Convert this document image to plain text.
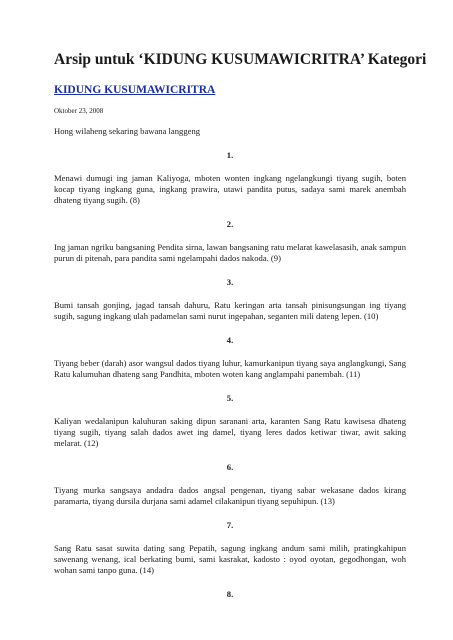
Arsip untuk ‘KIDUNG KUSUMAWICRITRA’ Kategori
KIDUNG KUSUMAWICRITRA
Oktober 23, 2008
Hong wilaheng sekaring bawana langgeng
1.

Menawi dumugi ing jaman Kaliyoga, mboten wonten ingkang ngelangkungi tiyang sugih, boten kocap tiyang ingkang guna, ingkang prawira, utawi pandita putus, sadaya sami marek anembah dhateng tiyang sugih. (8)

2.

Ing jaman ngriku bangsaning Pendita sirna, lawan bangsaning ratu melarat kawelasasih, anak sampun purun di pitenah, para pandita sami ngelampahi dados nakoda. (9)

3.

Bumi tansah gonjing, jagad tansah dahuru, Ratu keringan arta tansah pinisungsungan ing tiyang sugih, sagung ingkang ulah padamelan sami nurut ingepahan, seganten mili dateng lepen. (10)

4.

Tiyang beber (darah) asor wangsul dados tiyang luhur, kamurkanipun tiyang saya anglangkungi, Sang Ratu kalumuhan dhateng sang Pandhita, mboten woten kang anglampahi panembah. (11)

5.

Kaliyan wedalanipun kaluhuran saking dipun saranani arta, karanten Sang Ratu kawisesa dhateng tiyang sugih, tiyang salah dados awet ing damel, tiyang leres dados ketiwar tiwar, awit saking melarat. (12)

6.

Tiyang murka sangsaya andadra dados angsal pengenan, tiyang sabar wekasane dados kirang paramarta, tiyang dursila durjana sami adamel cilakanipun tiyang sepuhipun. (13)

7.

Sang Ratu sasat suwita dating sang Pepatih, sagung ingkang andum sami milih, pratingkahipun sawenang wenang, ical berkating bumi, sami kasrakat, kadosto : oyod oyotan, gegodhongan, woh wohan sami tanpo guna. (14)

8.
